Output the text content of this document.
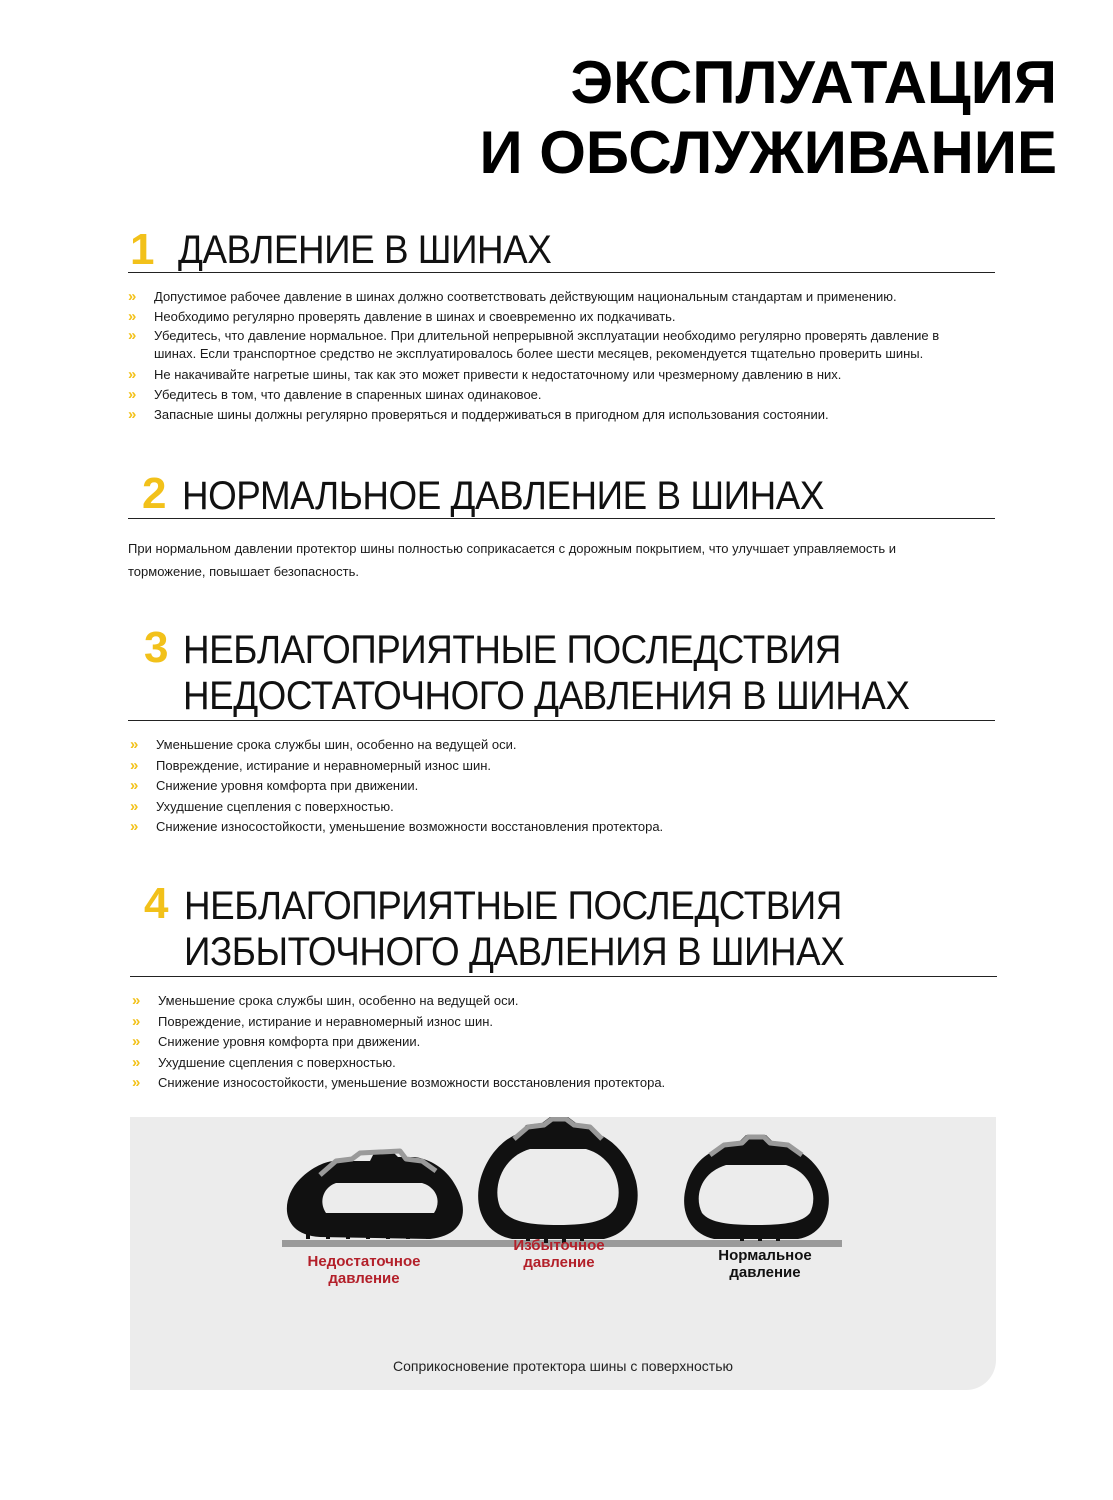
ЭКСПЛУАТАЦИЯ
И ОБСЛУЖИВАНИЕ
1 ДАВЛЕНИЕ В ШИНАХ
» Допустимое рабочее давление в шинах должно соответствовать действующим национальным стандартам и применению.
» Необходимо регулярно проверять давление в шинах и своевременно их подкачивать.
» Убедитесь, что давление нормальное. При длительной непрерывной эксплуатации необходимо регулярно проверять давление в шинах. Если транспортное средство не эксплуатировалось более шести месяцев, рекомендуется тщательно проверить шины.
» Не накачивайте нагретые шины, так как это может привести к недостаточному или чрезмерному давлению в них.
» Убедитесь в том, что давление в спаренных шинах одинаковое.
» Запасные шины должны регулярно проверяться и поддерживаться в пригодном для использования состоянии.
2 НОРМАЛЬНОЕ ДАВЛЕНИЕ В ШИНАХ
При нормальном давлении протектор шины полностью соприкасается с дорожным покрытием, что улучшает управляемость и торможение, повышает безопасность.
3 НЕБЛАГОПРИЯТНЫЕ ПОСЛЕДСТВИЯ
НЕДОСТАТОЧНОГО ДАВЛЕНИЯ В ШИНАХ
» Уменьшение срока службы шин, особенно на ведущей оси.
» Повреждение, истирание и неравномерный износ шин.
» Снижение уровня комфорта при движении.
» Ухудшение сцепления с поверхностью.
» Снижение износостойкости, уменьшение возможности восстановления протектора.
4 НЕБЛАГОПРИЯТНЫЕ ПОСЛЕДСТВИЯ
ИЗБЫТОЧНОГО ДАВЛЕНИЯ В ШИНАХ
» Уменьшение срока службы шин, особенно на ведущей оси.
» Повреждение, истирание и неравномерный износ шин.
» Снижение уровня комфорта при движении.
» Ухудшение сцепления с поверхностью.
» Снижение износостойкости, уменьшение возможности восстановления протектора.
Недостаточное
давление
Избыточное
давление	Нормальное
давление
Соприкосновение протектора шины с поверхностью
